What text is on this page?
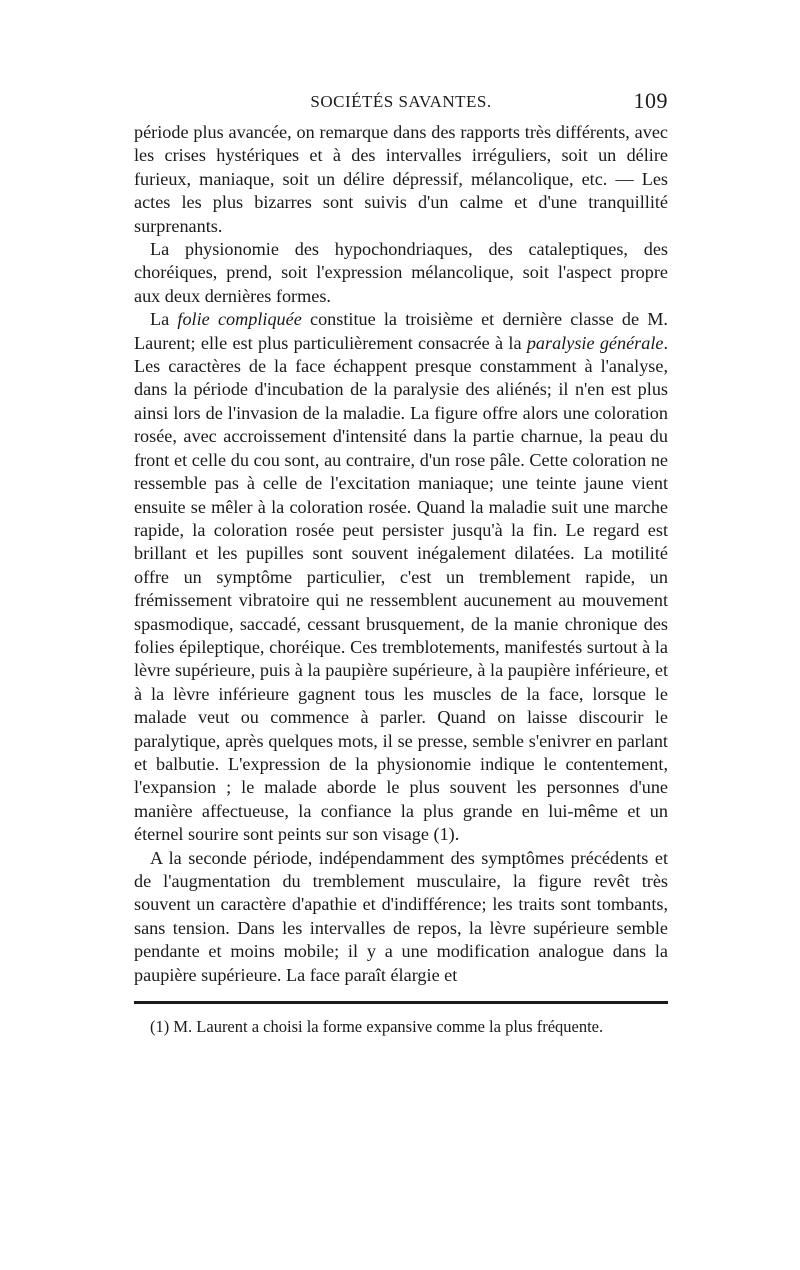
SOCIÉTÉS SAVANTES.	109

période plus avancée, on remarque dans des rapports très différents, avec les crises hystériques et à des intervalles irréguliers, soit un délire furieux, maniaque, soit un délire dépressif, mélancolique, etc. — Les actes les plus bizarres sont suivis d'un calme et d'une tranquillité surprenants.

La physionomie des hypochondriaques, des cataleptiques, des choréiques, prend, soit l'expression mélancolique, soit l'aspect propre aux deux dernières formes.

La folie compliquée constitue la troisième et dernière classe de M. Laurent; elle est plus particulièrement consacrée à la paralysie générale. Les caractères de la face échappent presque constamment à l'analyse, dans la période d'incubation de la paralysie des aliénés; il n'en est plus ainsi lors de l'invasion de la maladie. La figure offre alors une coloration rosée, avec accroissement d'intensité dans la partie charnue, la peau du front et celle du cou sont, au contraire, d'un rose pâle. Cette coloration ne ressemble pas à celle de l'excitation maniaque; une teinte jaune vient ensuite se mêler à la coloration rosée. Quand la maladie suit une marche rapide, la coloration rosée peut persister jusqu'à la fin. Le regard est brillant et les pupilles sont souvent inégalement dilatées. La motilité offre un symptôme particulier, c'est un tremblement rapide, un frémissement vibratoire qui ne ressemblent aucunement au mouvement spasmodique, saccadé, cessant brusquement, de la manie chronique des folies épileptique, choréique. Ces tremblotements, manifestés surtout à la lèvre supérieure, puis à la paupière supérieure, à la paupière inférieure, et à la lèvre inférieure gagnent tous les muscles de la face, lorsque le malade veut ou commence à parler. Quand on laisse discourir le paralytique, après quelques mots, il se presse, semble s'enivrer en parlant et balbutie. L'expression de la physionomie indique le contentement, l'expansion ; le malade aborde le plus souvent les personnes d'une manière affectueuse, la confiance la plus grande en lui-même et un éternel sourire sont peints sur son visage (1).

A la seconde période, indépendamment des symptômes précédents et de l'augmentation du tremblement musculaire, la figure revêt très souvent un caractère d'apathie et d'indifférence; les traits sont tombants, sans tension. Dans les intervalles de repos, la lèvre supérieure semble pendante et moins mobile; il y a une modification analogue dans la paupière supérieure. La face paraît élargie et

(1) M. Laurent a choisi la forme expansive comme la plus fréquente.
